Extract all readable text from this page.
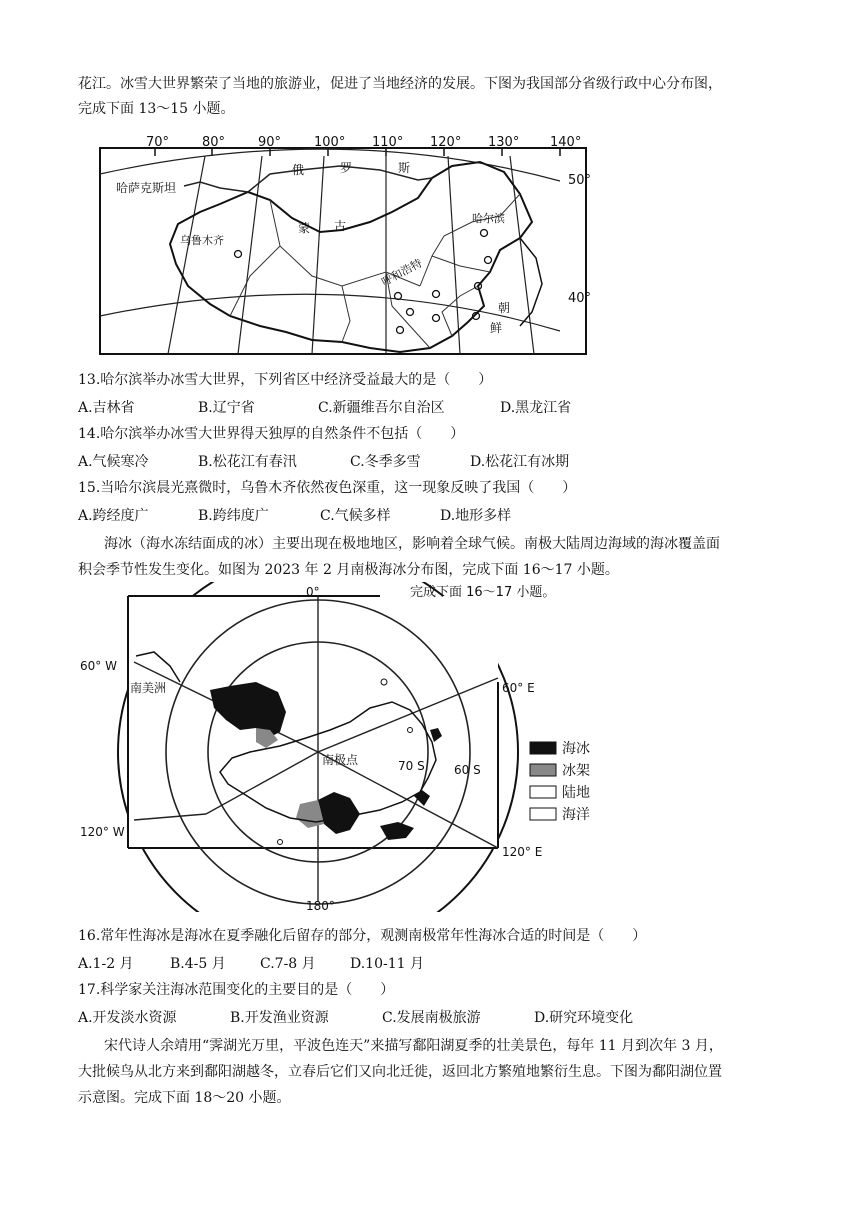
花江。冰雪大世界繁荣了当地的旅游业，促进了当地经济的发展。下图为我国部分省级行政中心分布图，
完成下面 13～15 小题。
70°	80°	90°	100° 110° 120° 130° 140°
50°
40°
哈萨克斯坦
俄	罗	斯
蒙 古
乌鲁木齐
哈尔滨
呼和浩特
朝
鲜
13.哈尔滨举办冰雪大世界，下列省区中经济受益最大的是（　　）
A.吉林省	B.辽宁省	C.新疆维吾尔自治区	D.黑龙江省
14.哈尔滨举办冰雪大世界得天独厚的自然条件不包括（　　）
A.气候寒冷	B.松花江有春汛	C.冬季多雪	D.松花江有冰期
15.当哈尔滨晨光熹微时，乌鲁木齐依然夜色深重，这一现象反映了我国（　　）
A.跨经度广	B.跨纬度广	C.气候多样	D.地形多样
海冰（海水冻结面成的冰）主要出现在极地地区，影响着全球气候。南极大陆周边海域的海冰覆盖面
积会季节性发生变化。如图为 2023 年 2 月南极海冰分布图，完成下面 16～17 小题。
完成下面 16～17 小题。
0°
180°
60° W
120° W
60° E
120° E
南极点	70 S 60 S
南美洲
海冰
冰架
陆地
海洋
16.常年性海冰是海冰在夏季融化后留存的部分，观测南极常年性海冰合适的时间是（　　）
A.1-2 月	B.4-5 月 C.7-8 月 D.10-11 月
17.科学家关注海冰范围变化的主要目的是（　　）
A.开发淡水资源	B.开发渔业资源	C.发展南极旅游	D.研究环境变化
宋代诗人余靖用“霁湖光万里，平波色连天”来描写鄱阳湖夏季的壮美景色，每年 11 月到次年 3 月，
大批候鸟从北方来到鄱阳湖越冬，立春后它们又向北迁徙，返回北方繁殖地繁衍生息。下图为鄱阳湖位置
示意图。完成下面 18～20 小题。
